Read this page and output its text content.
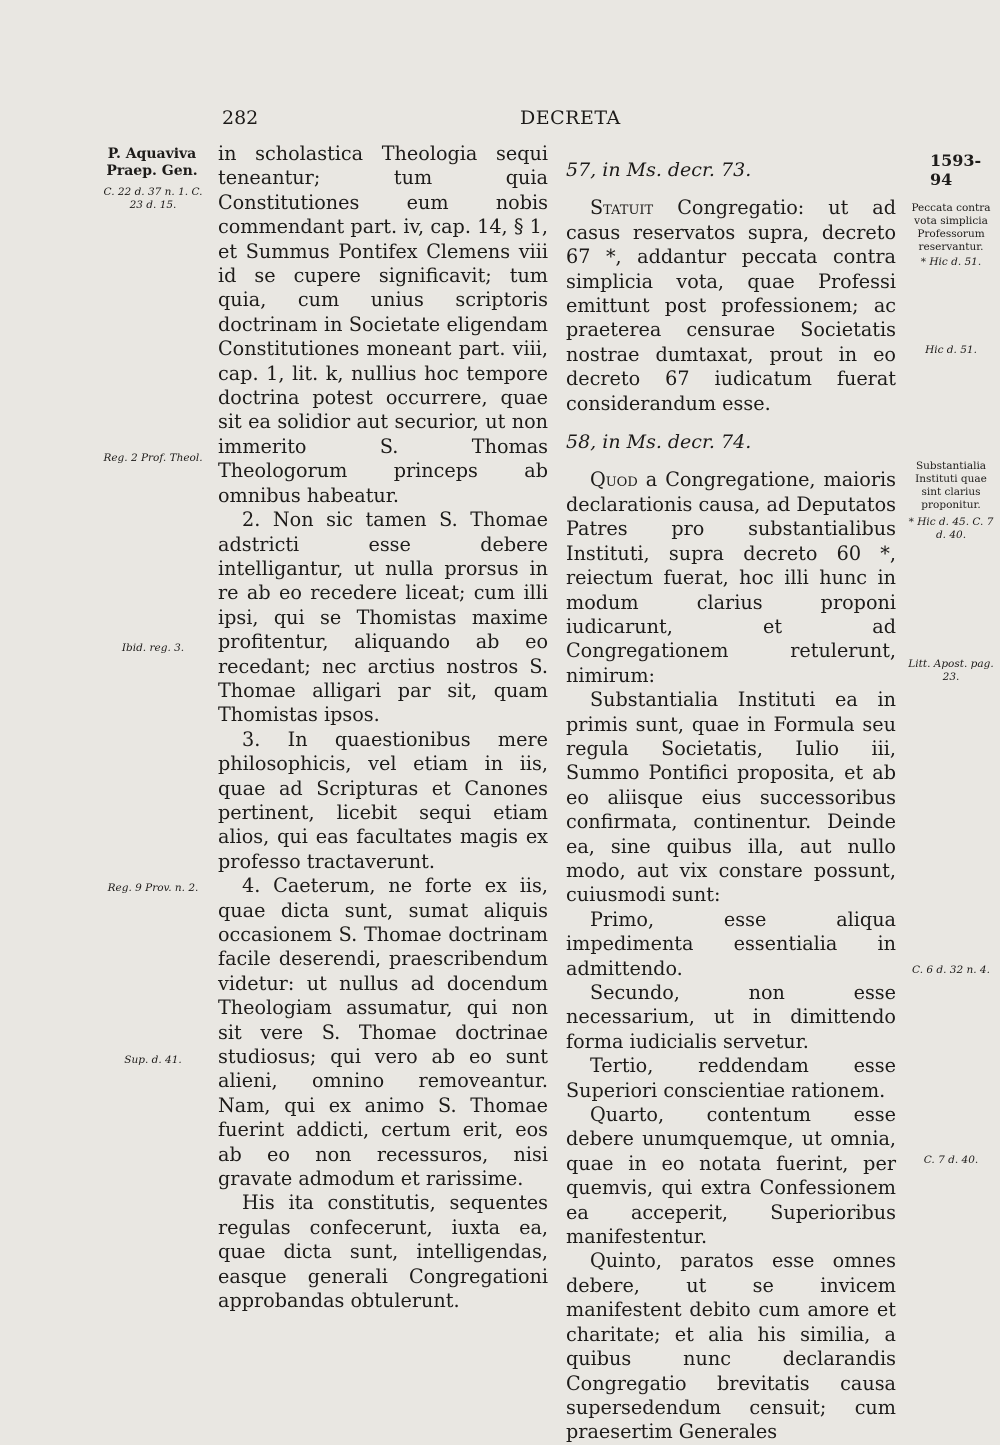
282	DECRETA
1593-94
P. Aquaviva Praep. Gen.
C. 22 d. 37 n. 1. C. 23 d. 15.
Reg. 2 Prof. Theol.
Ibid. reg. 3.
Reg. 9 Prov. n. 2.
Sup. d. 41.
Peccata contra vota simplicia Professorum reservantur.
* Hic d. 51.
Hic d. 51.
Substantialia Instituti quae sint clarius proponitur.
* Hic d. 45. C. 7 d. 40.
Litt. Apost. pag. 23.
C. 6 d. 32 n. 4.
C. 7 d. 40.

in scholastica Theologia sequi teneantur; tum quia Constitutiones eum nobis commendant part. iv, cap. 14, § 1, et Summus Pontifex Clemens viii id se cupere significavit; tum quia, cum unius scriptoris doctrinam in Societate eligendam Constitutiones moneant part. viii, cap. 1, lit. k, nullius hoc tempore doctrina potest occurrere, quae sit ea solidior aut securior, ut non immerito S. Thomas Theologorum princeps ab omnibus habeatur.

2. Non sic tamen S. Thomae adstricti esse debere intelligantur, ut nulla prorsus in re ab eo recedere liceat; cum illi ipsi, qui se Thomistas maxime profitentur, aliquando ab eo recedant; nec arctius nostros S. Thomae alligari par sit, quam Thomistas ipsos.

3. In quaestionibus mere philosophicis, vel etiam in iis, quae ad Scripturas et Canones pertinent, licebit sequi etiam alios, qui eas facultates magis ex professo tractaverunt.

4. Caeterum, ne forte ex iis, quae dicta sunt, sumat aliquis occasionem S. Thomae doctrinam facile deserendi, praescribendum videtur: ut nullus ad docendum Theologiam assumatur, qui non sit vere S. Thomae doctrinae studiosus; qui vero ab eo sunt alieni, omnino removeantur. Nam, qui ex animo S. Thomae fuerint addicti, certum erit, eos ab eo non recessuros, nisi gravate admodum et rarissime.

His ita constitutis, sequentes regulas confecerunt, iuxta ea, quae dicta sunt, intelligendas, easque generali Congregationi approbandas obtulerunt.

57, in Ms. decr. 73.

Statuit Congregatio: ut ad casus reservatos supra, decreto 67 *, addantur peccata contra simplicia vota, quae Professi emittunt post professionem; ac praeterea censurae Societatis nostrae dumtaxat, prout in eo decreto 67 iudicatum fuerat considerandum esse.

58, in Ms. decr. 74.

Quod a Congregatione, maioris declarationis causa, ad Deputatos Patres pro substantialibus Instituti, supra decreto 60 *, reiectum fuerat, hoc illi hunc in modum clarius proponi iudicarunt, et ad Congregationem retulerunt, nimirum:

Substantialia Instituti ea in primis sunt, quae in Formula seu regula Societatis, Iulio iii, Summo Pontifici proposita, et ab eo aliisque eius successoribus confirmata, continentur. Deinde ea, sine quibus illa, aut nullo modo, aut vix constare possunt, cuiusmodi sunt:

Primo, esse aliqua impedimenta essentialia in admittendo.

Secundo, non esse necessarium, ut in dimittendo forma iudicialis servetur.

Tertio, reddendam esse Superiori conscientiae rationem.

Quarto, contentum esse debere unumquemque, ut omnia, quae in eo notata fuerint, per quemvis, qui extra Confessionem ea acceperit, Superioribus manifestentur.

Quinto, paratos esse omnes debere, ut se invicem manifestent debito cum amore et charitate; et alia his similia, a quibus nunc declarandis Congregatio brevitatis causa supersedendum censuit; cum praesertim Generales
